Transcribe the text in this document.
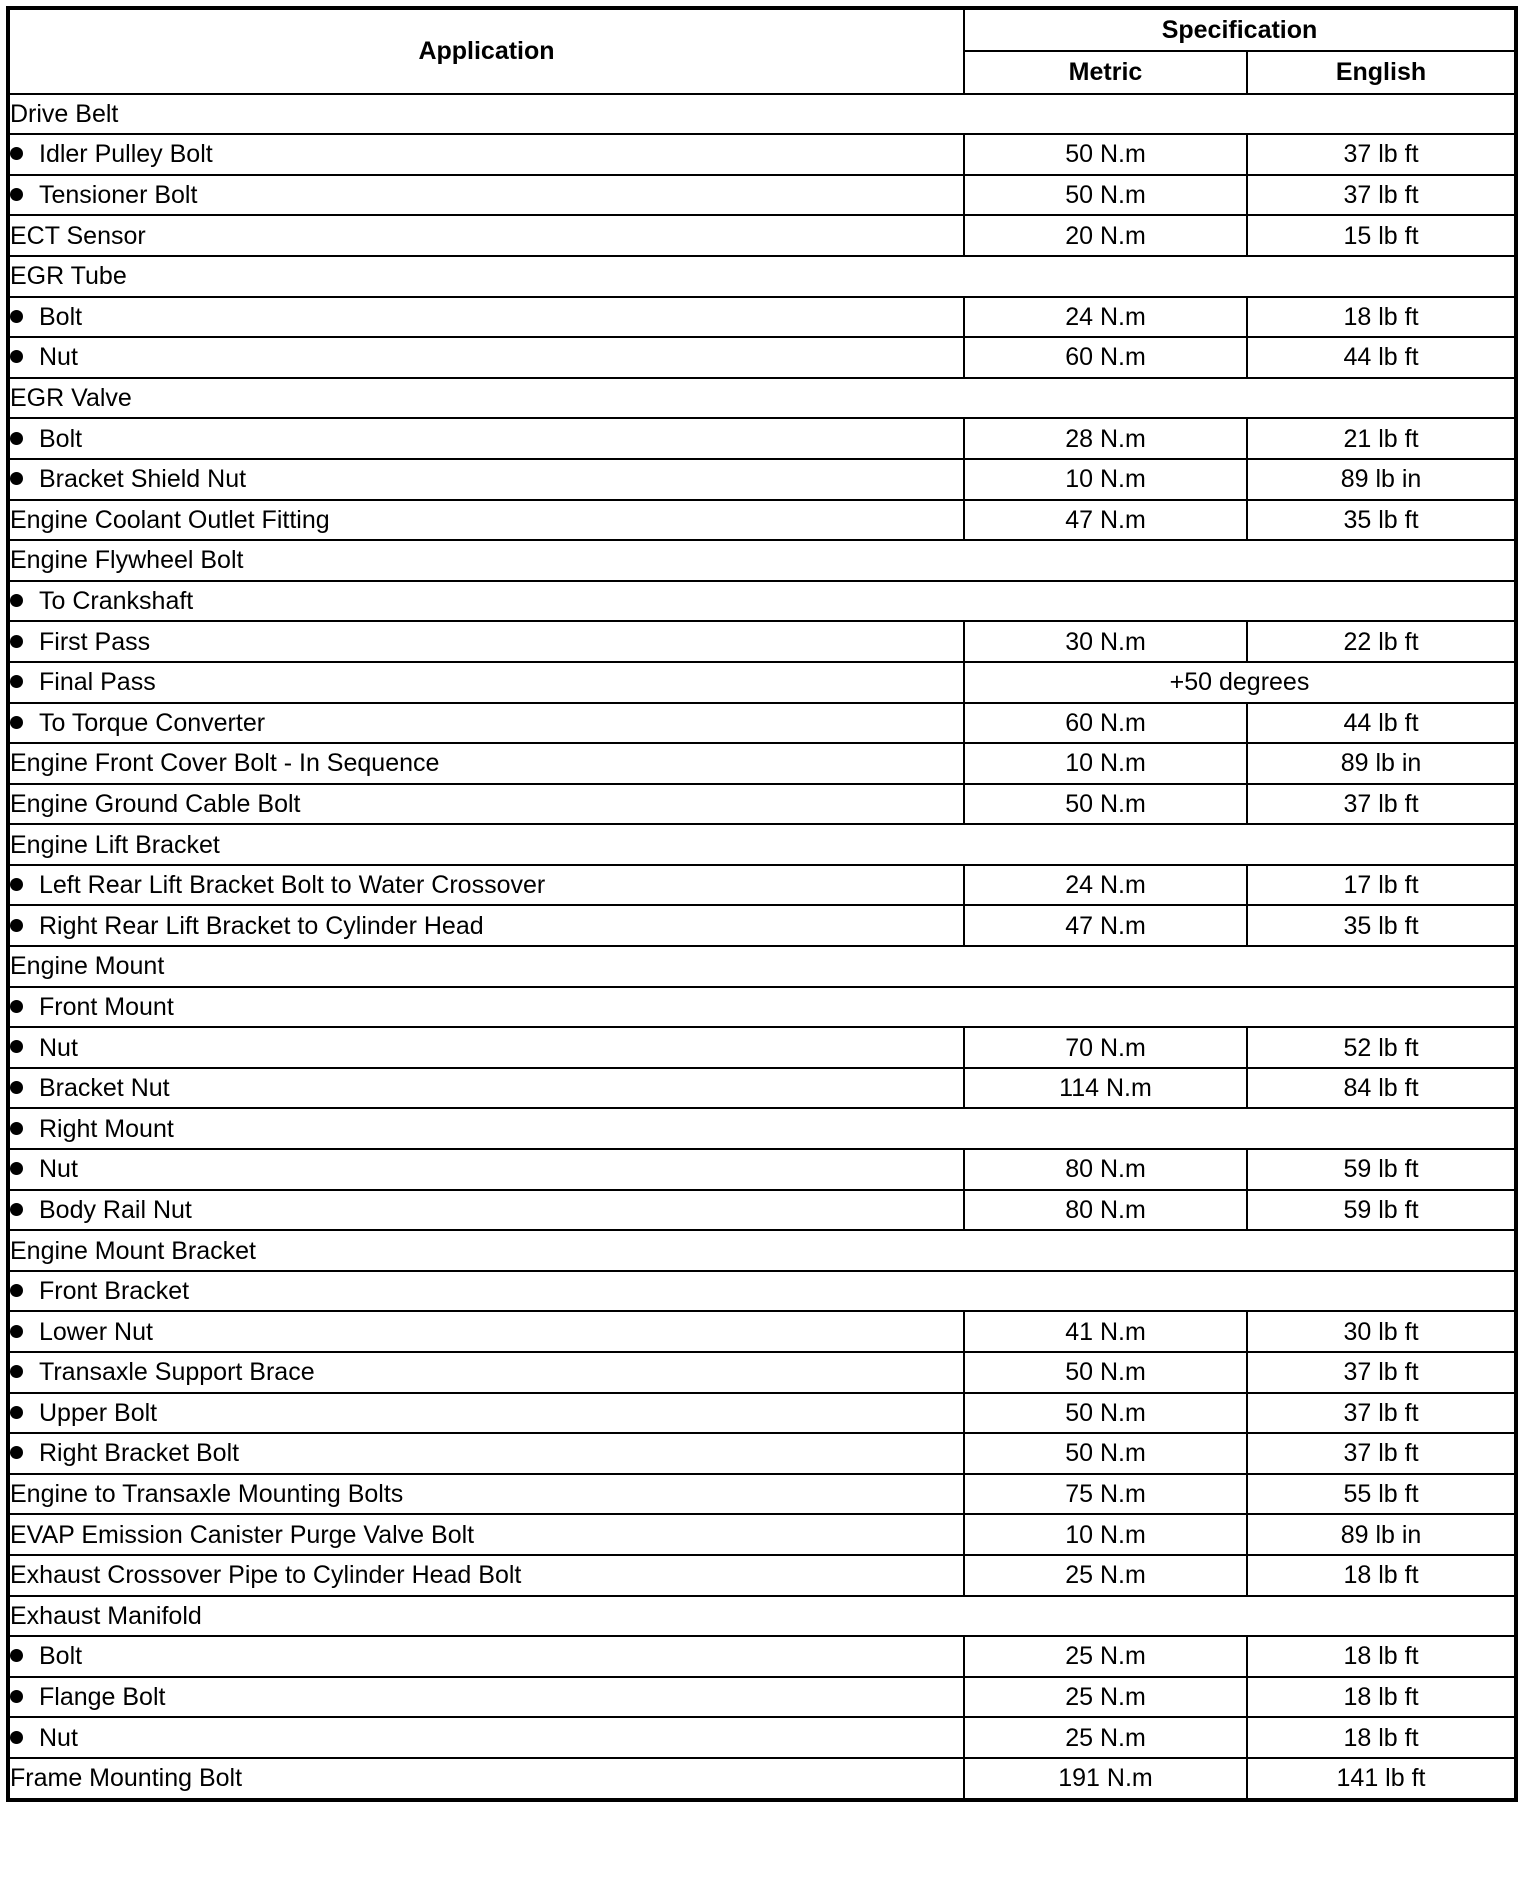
Application	Specification	
	Metric	English
Drive Belt		
Idler Pulley Bolt	50 N.m	37 lb ft
Tensioner Bolt	50 N.m	37 lb ft
ECT Sensor	20 N.m	15 lb ft
EGR Tube		
Bolt	24 N.m	18 lb ft
Nut	60 N.m	44 lb ft
EGR Valve		
Bolt	28 N.m	21 lb ft
Bracket Shield Nut	10 N.m	89 lb in
Engine Coolant Outlet Fitting	47 N.m	35 lb ft
Engine Flywheel Bolt		
To Crankshaft		
First Pass	30 N.m	22 lb ft
Final Pass	+50 degrees	
To Torque Converter	60 N.m	44 lb ft
Engine Front Cover Bolt - In Sequence	10 N.m	89 lb in
Engine Ground Cable Bolt	50 N.m	37 lb ft
Engine Lift Bracket		
Left Rear Lift Bracket Bolt to Water Crossover	24 N.m	17 lb ft
Right Rear Lift Bracket to Cylinder Head	47 N.m	35 lb ft
Engine Mount		
Front Mount		
Nut	70 N.m	52 lb ft
Bracket Nut	114 N.m	84 lb ft
Right Mount		
Nut	80 N.m	59 lb ft
Body Rail Nut	80 N.m	59 lb ft
Engine Mount Bracket		
Front Bracket		
Lower Nut	41 N.m	30 lb ft
Transaxle Support Brace	50 N.m	37 lb ft
Upper Bolt	50 N.m	37 lb ft
Right Bracket Bolt	50 N.m	37 lb ft
Engine to Transaxle Mounting Bolts	75 N.m	55 lb ft
EVAP Emission Canister Purge Valve Bolt	10 N.m	89 lb in
Exhaust Crossover Pipe to Cylinder Head Bolt	25 N.m	18 lb ft
Exhaust Manifold		
Bolt	25 N.m	18 lb ft
Flange Bolt	25 N.m	18 lb ft
Nut	25 N.m	18 lb ft
Frame Mounting Bolt	191 N.m	141 lb ft
